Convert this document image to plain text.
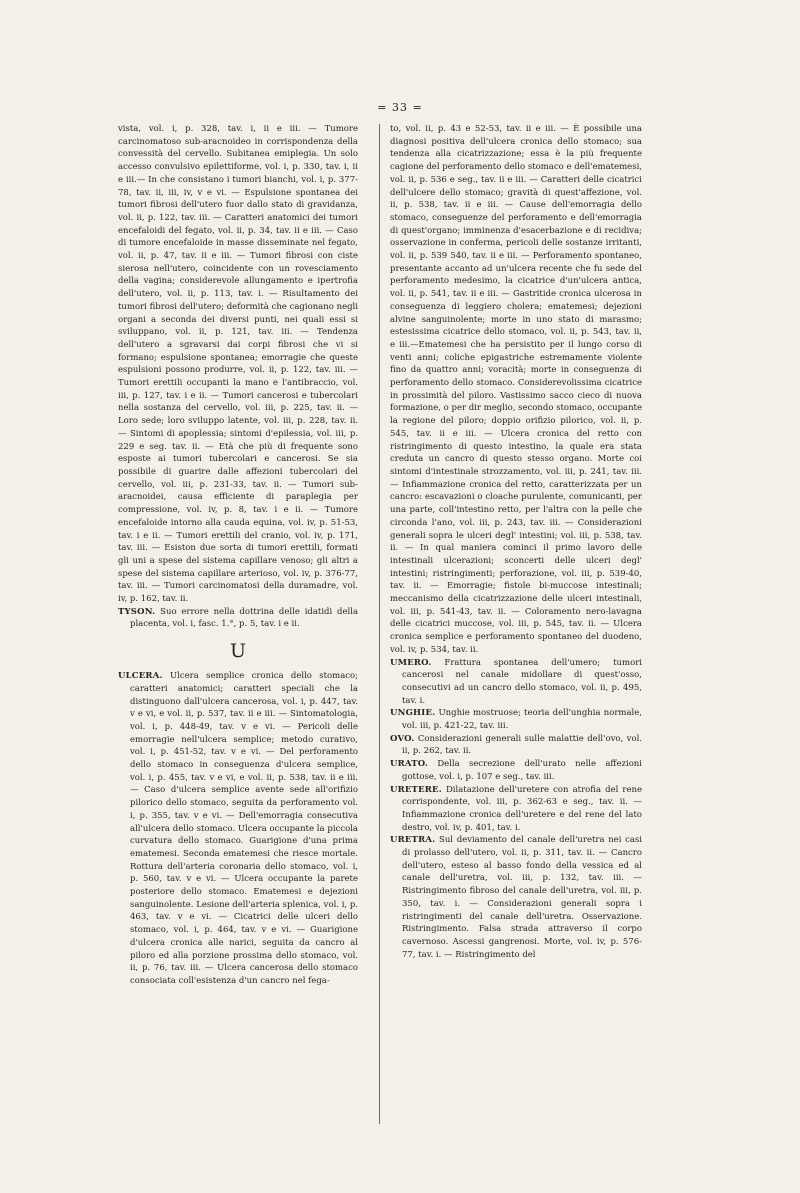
= 33 =

vista, vol. i, p. 328, tav. i, ii e iii. — Tumore carcinomatoso sub-aracnoideo in corrispondenza della convessità del cervello. Subitanea emiplegia. Un solo accesso convulsivo epilettiforme, vol. i, p. 330, tav. i, ii e iii.— In che consistano i tumori bianchi, vol. i, p. 377-78, tav. ii, iii, iv, v e vi. — Espulsione spontanea dei tumori fibrosi dell'utero fuor dallo stato di gravidanza, vol. ii, p. 122, tav. iii. — Caratteri anatomici dei tumori encefaloidi del fegato, vol. ii, p. 34, tav. ii e iii. — Caso di tumore encefaloide in masse disseminate nel fegato, vol. ii, p. 47, tav. ii e iii. — Tumori fibrosi con ciste sierosa nell'utero, coincidente con un rovesciamento della vagina; considerevole allungamento e ipertrofia dell'utero, vol. ii, p. 113, tav. i. — Risultamento dei tumori fibrosi dell'utero; deformità che cagionano negli organi a seconda dei diversi punti, nei quali essi si sviluppano, vol. ii, p. 121, tav. iii. — Tendenza dell'utero a sgravarsi dai corpi fibrosi che vi si formano; espulsione spontanea; emorragie che queste espulsioni possono produrre, vol. ii, p. 122, tav. iii. — Tumori erettili occupanti la mano e l'antibraccio, vol. iii, p. 127, tav. i e ii. — Tumori cancerosi e tubercolari nella sostanza del cervello, vol. iii, p. 225, tav. ii. — Loro sede; loro sviluppo latente, vol. iii, p. 228, tav. ii. — Sintomi di apoplessia; sintomi d'epilessia, vol. iii, p. 229 e seg. tav. ii. — Età che più di frequente sono esposte ai tumori tubercolari e cancerosi. Se sia possibile di guarire dalle affezioni tubercolari del cervello, vol. iii, p. 231-33, tav. ii. — Tumori sub-aracnoidei, causa efficiente di paraplegia per compressione, vol. iv, p. 8, tav. i e ii. — Tumore encefaloide intorno alla cauda equina, vol. iv, p. 51-53, tav. i e ii. — Tumori erettili del cranio, vol. iv, p. 171, tav. iii. — Esiston due sorta di tumori erettili, formati gli uni a spese del sistema capillare venoso; gli altri a spese del sistema capillare arterioso, vol. iv, p. 376-77, tav. iii. — Tumori carcinomatosi della duramadre, vol. iv, p. 162, tav. ii.

TYSON. Suo errore nella dottrina delle idatidi della placenta, vol. i, fasc. 1.°, p. 5, tav. i e ii.

U

ULCERA. Ulcera semplice cronica dello stomaco; caratteri anatomici; caratteri speciali che la distinguono dall'ulcera cancerosa, vol. i, p. 447, tav. v e vi, e vol. ii, p. 537, tav. ii e iii. — Sintomatologia, vol. i, p. 448-49, tav. v e vi. — Pericoli delle emorragie nell'ulcera semplice; metodo curativo, vol. i, p. 451-52, tav. v e vi. — Del perforamento dello stomaco in conseguenza d'ulcera semplice, vol. i, p. 455, tav. v e vi, e vol. ii, p. 538, tav. ii e iii. — Caso d'ulcera semplice avente sede all'orifizio pilorico dello stomaco, seguita da perforamento vol. i, p. 355, tav. v e vi. — Dell'emorragia consecutiva all'ulcera dello stomaco. Ulcera occupante la piccola curvatura dello stomaco. Guarigione d'una prima ematemesi. Seconda ematemesi che riesce mortale. Rottura dell'arteria coronaria dello stomaco, vol. i, p. 560, tav. v e vi. — Ulcera occupante la parete posteriore dello stomaco. Ematemesi e dejezioni sanguinolente. Lesione dell'arteria splenica, vol. i, p. 463, tav. v e vi. — Cicatrici delle ulceri dello stomaco, vol. i, p. 464, tav. v e vi. — Guarigione d'ulcera cronica alle narici, seguita da cancro al piloro ed alla porzione prossima dello stomaco, vol. ii, p. 76, tav. iii. — Ulcera cancerosa dello stomaco consociata coll'esistenza d'un cancro nel fega-

to, vol. ii, p. 43 e 52-53, tav. ii e iii. — È possibile una diagnosi positiva dell'ulcera cronica dello stomaco; sua tendenza alla cicatrizzazione; essa è la più frequente cagione del perforamento dello stomaco e dell'ematemesi, vol. ii, p. 536 e seg., tav. ii e iii. — Caratteri delle cicatrici dell'ulcere dello stomaco; gravità di quest'affezione, vol. ii, p. 538, tav. ii e iii. — Cause dell'emorragia dello stomaco, conseguenze del perforamento e dell'emorragia di quest'organo; imminenza d'esacerbazione e di recidiva; osservazione in conferma, pericoli delle sostanze irritanti, vol. ii, p. 539 540, tav. ii e iii. — Perforamento spontaneo, presentante accanto ad un'ulcera recente che fu sede del perforamento medesimo, la cicatrice d'un'ulcera antica, vol. ii, p. 541, tav. ii e iii. — Gastritide cronica ulcerosa in conseguenza di leggiero cholera; ematemesi; dejezioni alvine sanguinolente; morte in uno stato di marasmo; estesissima cicatrice dello stomaco, vol. ii, p. 543, tav. ii, e iii.—Ematemesi che ha persistito per il lungo corso di venti anni; coliche epigastriche estremamente violente fino da quattro anni; voracità; morte in conseguenza di perforamento dello stomaco. Considerevolissima cicatrice in prossimità del piloro. Vastissimo sacco cieco di nuova formazione, o per dir meglio, secondo stomaco, occupante la regione del piloro; doppio orifizio pilorico, vol. ii, p. 545, tav. ii e iii. — Ulcera cronica del retto con ristringimento di questo intestino, la quale era stata creduta un cancro di questo stesso organo. Morte coi sintomi d'intestinale strozzamento, vol. iii, p. 241, tav. iii. — Infiammazione cronica del retto, caratterizzata per un cancro: escavazioni o cloache purulente, comunicanti, per una parte, coll'intestino retto, per l'altra con la pelle che circonda l'ano, vol. iii, p. 243, tav. iii. — Considerazioni generali sopra le ulceri degl' intestini; vol. iii, p. 538, tav. ii. — In qual maniera cominci il primo lavoro delle intestinali ulcerazioni; sconcerti delle ulceri degl' intestini; ristringimenti; perforazione, vol. iii, p. 539-40, tav. ii. — Emorragie; fistole bi-muccose intestinali; meccanismo della cicatrizzazione delle ulceri intestinali, vol. iii, p. 541-43, tav. ii. — Coloramento nero-lavagna delle cicatrici muccose, vol. iii, p. 545, tav. ii. — Ulcera cronica semplice e perforamento spontaneo del duodeno, vol. iv, p. 534, tav. ii.

UMERO. Frattura spontanea dell'umero; tumori cancerosi nel canale midollare di quest'osso, consecutivi ad un cancro dello stomaco, vol. ii, p. 495, tav. i.

UNGHIE. Unghie mostruose; teoria dell'unghia normale, vol. iii, p. 421-22, tav. iii.

OVO. Considerazioni generali sulle malattie dell'ovo, vol. ii, p. 262, tav. ii.

URATO. Della secrezione dell'urato nelle affezioni gottose, vol. i, p. 107 e seg., tav. iii.

URETERE. Dilatazione dell'uretere con atrofia del rene corrispondente, vol. iii, p. 362-63 e seg., tav. ii. — Infiammazione cronica dell'uretere e del rene del lato destro, vol. iv, p. 401, tav. i.

URETRA. Sul deviamento del canale dell'uretra nei casi di prolasso dell'utero, vol. ii, p. 311, tav. ii. — Cancro dell'utero, esteso al basso fondo della vessica ed al canale dell'uretra, vol. iii, p. 132, tav. iii. — Ristringimento fibroso del canale dell'uretra, vol. iii, p. 350, tav. i. — Considerazioni generali sopra i ristringimenti del canale dell'uretra. Osservazione. Ristringimento. Falsa strada attraverso il corpo cavernoso. Ascessi gangrenosi. Morte, vol. iv, p. 576-77, tav. i. — Ristringimento del
